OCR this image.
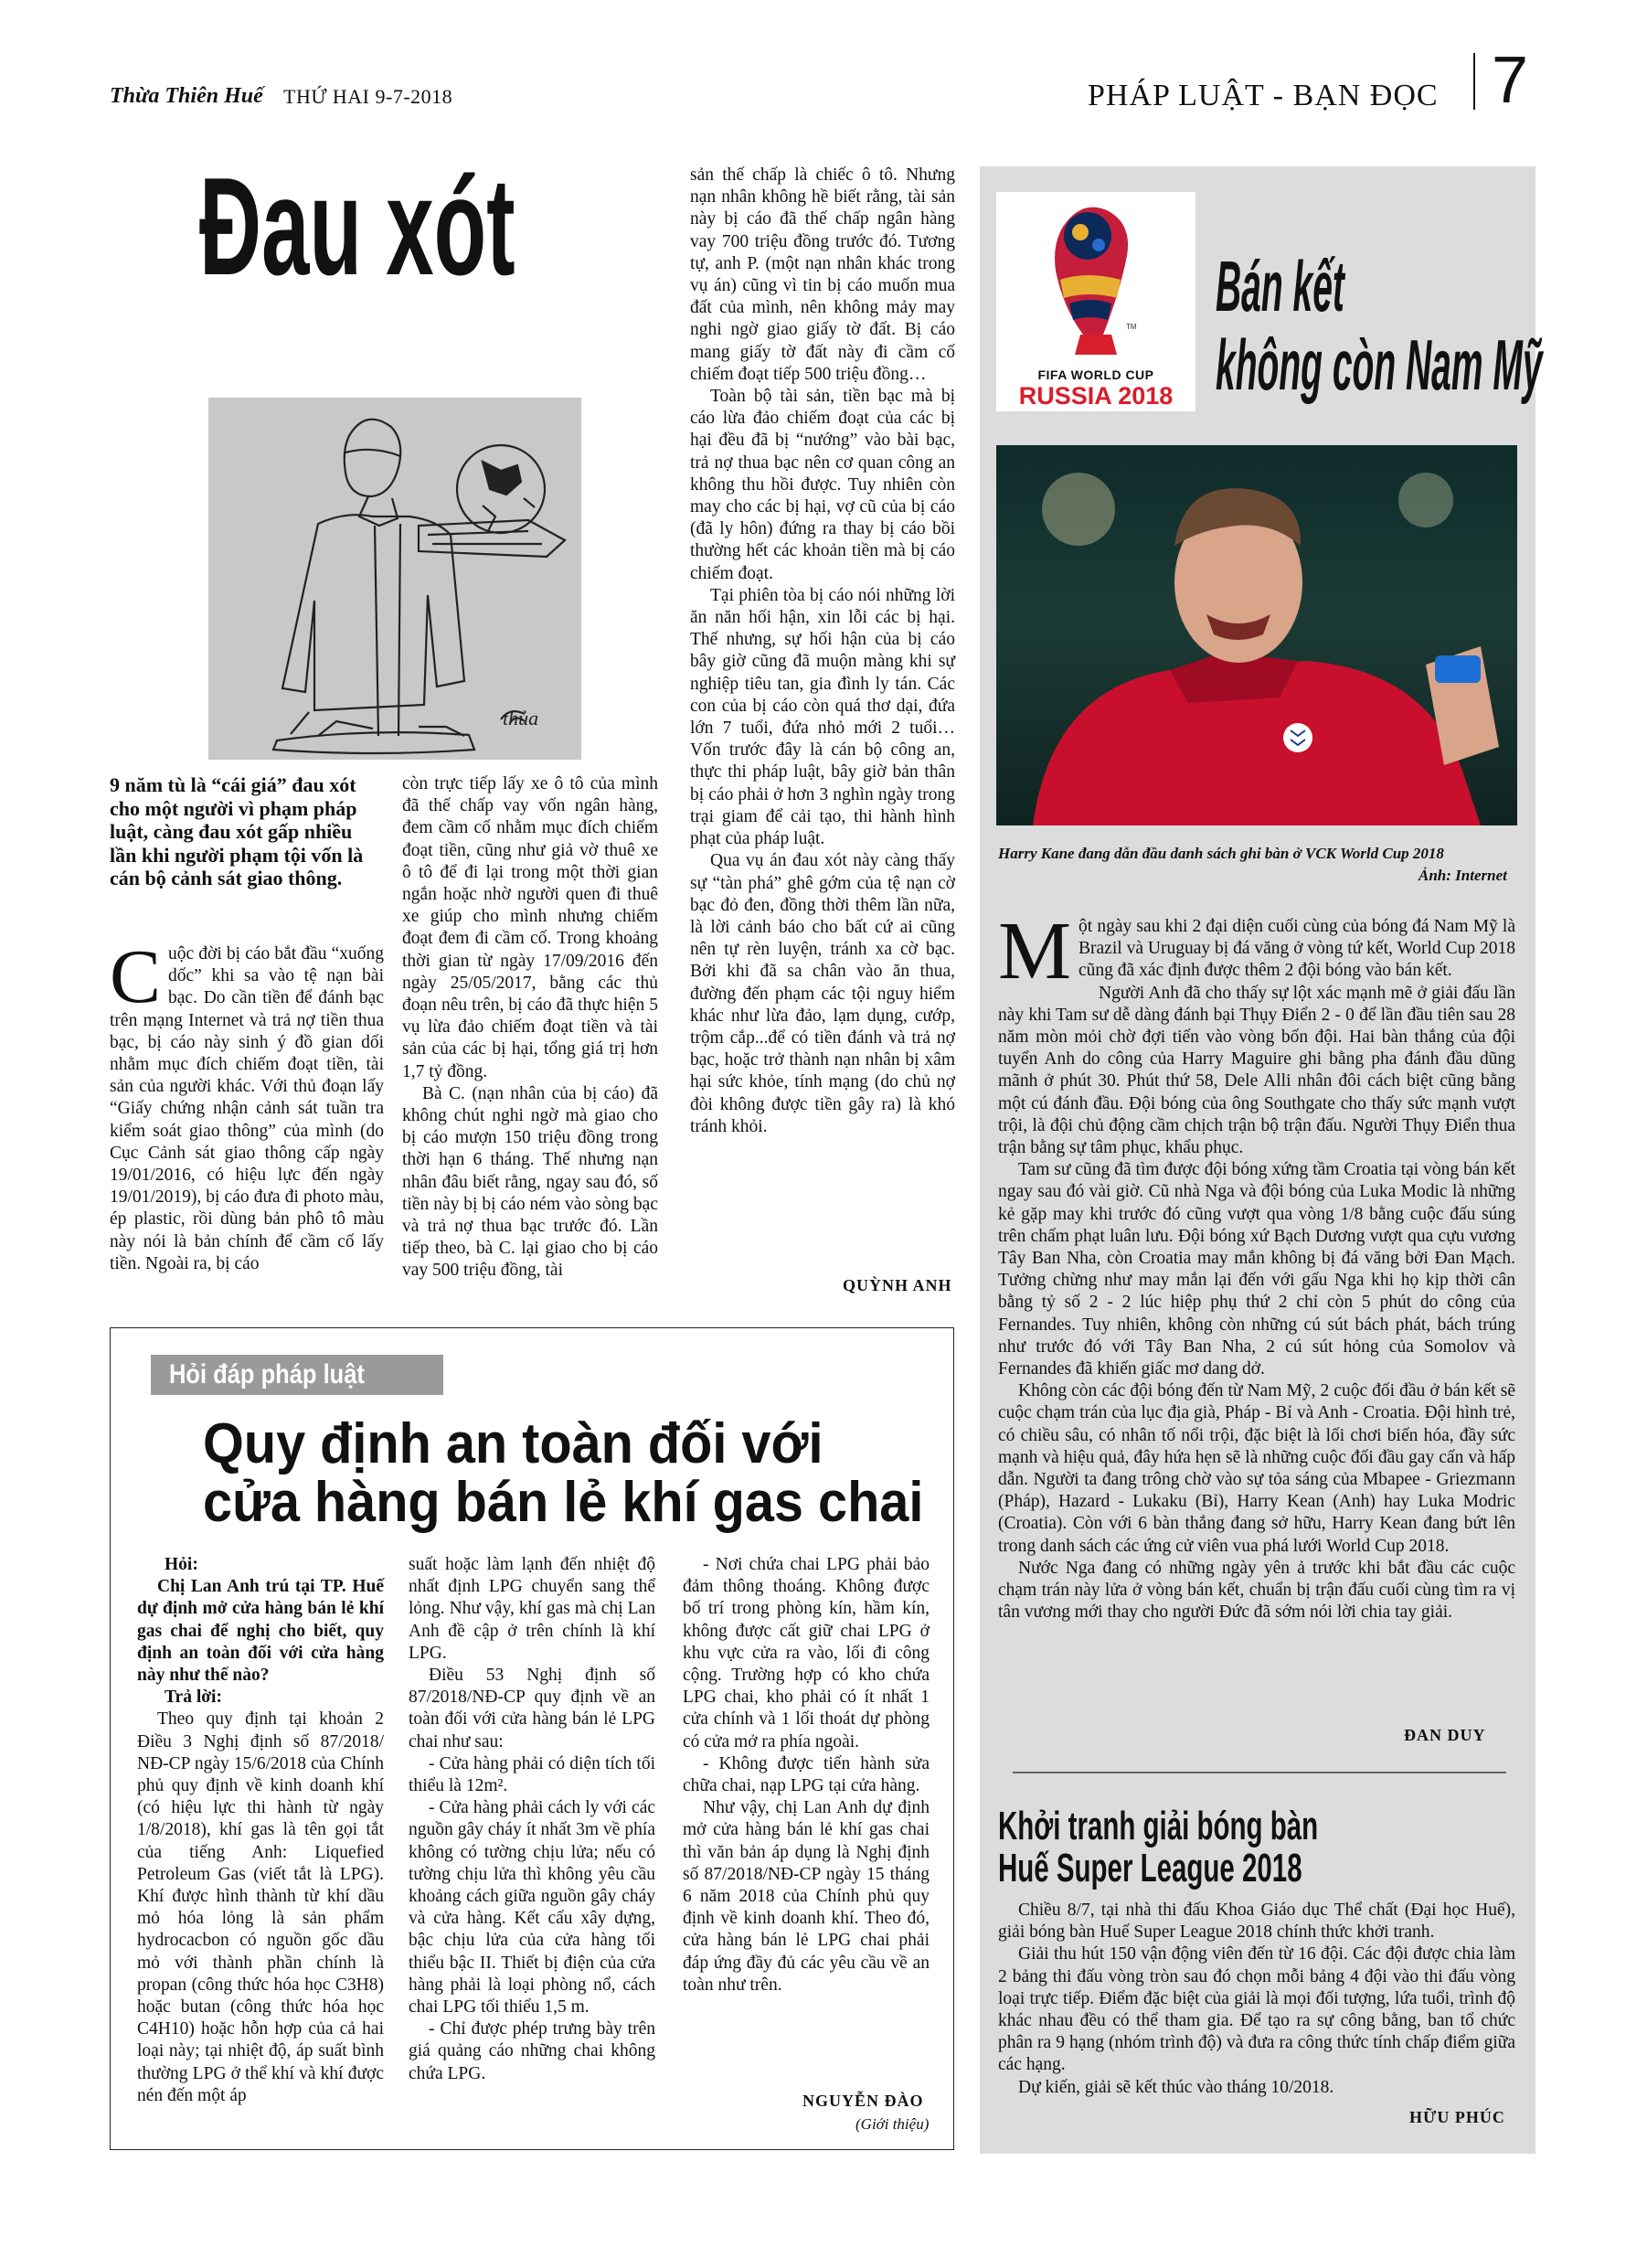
Thừa Thiên Huế THỨ HAI 9-7-2018	PHÁP LUẬT - BẠN ĐỌC 7
Đau xót
thủa
9 năm tù là “cái giá” đau xót cho một người vì phạm pháp luật, càng đau xót gấp nhiều lần khi người phạm tội vốn là cán bộ cảnh sát giao thông.
C uộc đời bị cáo bắt đầu “xuống dốc” khi sa vào tệ nạn bài bạc. Do cần tiền để đánh bạc trên mạng Internet và trả nợ tiền thua bạc, bị cáo này sinh ý đồ gian dối nhằm mục đích chiếm đoạt tiền, tài sản của người khác. Với thủ đoạn lấy “Giấy chứng nhận cảnh sát tuần tra kiểm soát giao thông” của mình (do Cục Cảnh sát giao thông cấp ngày 19/01/2016, có hiệu lực đến ngày 19/01/2019), bị cáo đưa đi photo màu, ép plastic, rồi dùng bản phô tô màu này nói là bản chính để cầm cố lấy tiền. Ngoài ra, bị cáo

còn trực tiếp lấy xe ô tô của mình đã thế chấp vay vốn ngân hàng, đem cầm cố nhằm mục đích chiếm đoạt tiền, cũng như giả vờ thuê xe ô tô để đi lại trong một thời gian ngắn hoặc nhờ người quen đi thuê xe giúp cho mình nhưng chiếm đoạt đem đi cầm cố. Trong khoảng thời gian từ ngày 17/09/2016 đến ngày 25/05/2017, bằng các thủ đoạn nêu trên, bị cáo đã thực hiện 5 vụ lừa đảo chiếm đoạt tiền và tài sản của các bị hại, tổng giá trị hơn 1,7 tỷ đồng.

Bà C. (nạn nhân của bị cáo) đã không chút nghi ngờ mà giao cho bị cáo mượn 150 triệu đồng trong thời hạn 6 tháng. Thế nhưng nạn nhân đâu biết rằng, ngay sau đó, số tiền này bị bị cáo ném vào sòng bạc và trả nợ thua bạc trước đó. Lần tiếp theo, bà C. lại giao cho bị cáo vay 500 triệu đồng, tài

sản thế chấp là chiếc ô tô. Nhưng nạn nhân không hề biết rằng, tài sản này bị cáo đã thế chấp ngân hàng vay 700 triệu đồng trước đó. Tương tự, anh P. (một nạn nhân khác trong vụ án) cũng vì tin bị cáo muốn mua đất của mình, nên không mảy may nghi ngờ giao giấy tờ đất. Bị cáo mang giấy tờ đất này đi cầm cố chiếm đoạt tiếp 500 triệu đồng…

Toàn bộ tài sản, tiền bạc mà bị cáo lừa đảo chiếm đoạt của các bị hại đều đã bị “nướng” vào bài bạc, trả nợ thua bạc nên cơ quan công an không thu hồi được. Tuy nhiên còn may cho các bị hại, vợ cũ của bị cáo (đã ly hôn) đứng ra thay bị cáo bồi thường hết các khoản tiền mà bị cáo chiếm đoạt.

Tại phiên tòa bị cáo nói những lời ăn năn hối hận, xin lỗi các bị hại. Thế nhưng, sự hối hận của bị cáo bây giờ cũng đã muộn màng khi sự nghiệp tiêu tan, gia đình ly tán. Các con của bị cáo còn quá thơ dại, đứa lớn 7 tuổi, đứa nhỏ mới 2 tuổi… Vốn trước đây là cán bộ công an, thực thi pháp luật, bây giờ bản thân bị cáo phải ở hơn 3 nghìn ngày trong trại giam để cải tạo, thi hành hình phạt của pháp luật.

Qua vụ án đau xót này càng thấy sự “tàn phá” ghê gớm của tệ nạn cờ bạc đỏ đen, đồng thời thêm lần nữa, là lời cảnh báo cho bất cứ ai cũng nên tự rèn luyện, tránh xa cờ bạc. Bởi khi đã sa chân vào ăn thua, đường đến phạm các tội nguy hiểm khác như lừa đảo, lạm dụng, cướp, trộm cắp...để có tiền đánh và trả nợ bạc, hoặc trở thành nạn nhân bị xâm hại sức khỏe, tính mạng (do chủ nợ đòi không được tiền gây ra) là khó tránh khỏi.

QUỲNH ANH
Hỏi đáp pháp luật
Quy định an toàn đối với
cửa hàng bán lẻ khí gas chai

Hỏi:

Chị Lan Anh trú tại TP. Huế dự định mở cửa hàng bán lẻ khí gas chai để nghị cho biết, quy định an toàn đối với cửa hàng này như thế nào?

Trả lời:

Theo quy định tại khoản 2 Điều 3 Nghị định số 87/2018/ NĐ-CP ngày 15/6/2018 của Chính phủ quy định về kinh doanh khí (có hiệu lực thi hành từ ngày 1/8/2018), khí gas là tên gọi tắt của tiếng Anh: Liquefied Petroleum Gas (viết tắt là LPG). Khí được hình thành từ khí dầu mỏ hóa lỏng là sản phẩm hydrocacbon có nguồn gốc dầu mỏ với thành phần chính là propan (công thức hóa học C3H8) hoặc butan (công thức hóa học C4H10) hoặc hỗn hợp của cả hai loại này; tại nhiệt độ, áp suất bình thường LPG ở thể khí và khí được nén đến một áp

suất hoặc làm lạnh đến nhiệt độ nhất định LPG chuyển sang thể lỏng. Như vậy, khí gas mà chị Lan Anh đề cập ở trên chính là khí LPG.

Điều 53 Nghị định số 87/2018/NĐ-CP quy định về an toàn đối với cửa hàng bán lẻ LPG chai như sau:

- Cửa hàng phải có diện tích tối thiểu là 12m².

- Cửa hàng phải cách ly với các nguồn gây cháy ít nhất 3m về phía không có tường chịu lửa; nếu có tường chịu lửa thì không yêu cầu khoảng cách giữa nguồn gây cháy và cửa hàng. Kết cấu xây dựng, bậc chịu lửa của cửa hàng tối thiểu bậc II. Thiết bị điện của cửa hàng phải là loại phòng nổ, cách chai LPG tối thiểu 1,5 m.

- Chỉ được phép trưng bày trên giá quảng cáo những chai không chứa LPG.

- Nơi chứa chai LPG phải bảo đảm thông thoáng. Không được bố trí trong phòng kín, hầm kín, không được cất giữ chai LPG ở khu vực cửa ra vào, lối đi công cộng. Trường hợp có kho chứa LPG chai, kho phải có ít nhất 1 cửa chính và 1 lối thoát dự phòng có cửa mở ra phía ngoài.

- Không được tiến hành sửa chữa chai, nạp LPG tại cửa hàng.

Như vậy, chị Lan Anh dự định mở cửa hàng bán lẻ khí gas chai thì văn bản áp dụng là Nghị định số 87/2018/NĐ-CP ngày 15 tháng 6 năm 2018 của Chính phủ quy định về kinh doanh khí. Theo đó, cửa hàng bán lẻ LPG chai phải đáp ứng đầy đủ các yêu cầu về an toàn như trên.

NGUYỄN ĐÀO
(Giới thiệu)
TM
FIFA WORLD CUP
RUSSIA 2018
Bán kết
không còn Nam Mỹ
Harry Kane đang dẫn đầu danh sách ghi bàn ở VCK World Cup 2018
Ảnh: Internet
M ột ngày sau khi 2 đại diện cuối cùng của bóng đá Nam Mỹ là Brazil và Uruguay bị đá văng ở vòng tứ kết, World Cup 2018 cũng đã xác định được thêm 2 đội bóng vào bán kết.

Người Anh đã cho thấy sự lột xác mạnh mẽ ở giải đấu lần này khi Tam sư dễ dàng đánh bại Thụy Điển 2 - 0 để lần đầu tiên sau 28 năm mòn mỏi chờ đợi tiến vào vòng bốn đội. Hai bàn thắng của đội tuyển Anh do công của Harry Maguire ghi bằng pha đánh đầu dũng mãnh ở phút 30. Phút thứ 58, Dele Alli nhân đôi cách biệt cũng bằng một cú đánh đầu. Đội bóng của ông Southgate cho thấy sức mạnh vượt trội, là đội chủ động cầm chịch trận bộ trận đấu. Người Thụy Điển thua trận bằng sự tâm phục, khẩu phục.

Tam sư cũng đã tìm được đội bóng xứng tầm Croatia tại vòng bán kết ngay sau đó vài giờ. Cũ nhà Nga và đội bóng của Luka Modic là những kẻ gặp may khi trước đó cũng vượt qua vòng 1/8 bằng cuộc đấu súng trên chấm phạt luân lưu. Đội bóng xứ Bạch Dương vượt qua cựu vương Tây Ban Nha, còn Croatia may mắn không bị đá văng bởi Đan Mạch. Tưởng chừng như may mắn lại đến với gấu Nga khi họ kịp thời cân bằng tỷ số 2 - 2 lúc hiệp phụ thứ 2 chỉ còn 5 phút do công của Fernandes. Tuy nhiên, không còn những cú sút bách phát, bách trúng như trước đó với Tây Ban Nha, 2 cú sút hỏng của Somolov và Fernandes đã khiến giấc mơ dang dở.

Không còn các đội bóng đến từ Nam Mỹ, 2 cuộc đối đầu ở bán kết sẽ cuộc chạm trán của lục địa già, Pháp - Bỉ và Anh - Croatia. Đội hình trẻ, có chiều sâu, có nhân tố nổi trội, đặc biệt là lối chơi biến hóa, đầy sức mạnh và hiệu quả, đây hứa hẹn sẽ là những cuộc đối đầu gay cấn và hấp dẫn. Người ta đang trông chờ vào sự tỏa sáng của Mbapee - Griezmann (Pháp), Hazard - Lukaku (Bỉ), Harry Kean (Anh) hay Luka Modric (Croatia). Còn với 6 bàn thắng đang sở hữu, Harry Kean đang bứt lên trong danh sách các ứng cử viên vua phá lưới World Cup 2018.

Nước Nga đang có những ngày yên ả trước khi bắt đầu các cuộc chạm trán này lửa ở vòng bán kết, chuẩn bị trận đấu cuối cùng tìm ra vị tân vương mới thay cho người Đức đã sớm nói lời chia tay giải.

ĐAN DUY
Khởi tranh giải bóng bàn
Huế Super League 2018

Chiều 8/7, tại nhà thi đấu Khoa Giáo dục Thể chất (Đại học Huế), giải bóng bàn Huế Super League 2018 chính thức khởi tranh.

Giải thu hút 150 vận động viên đến từ 16 đội. Các đội được chia làm 2 bảng thi đấu vòng tròn sau đó chọn mỗi bảng 4 đội vào thi đấu vòng loại trực tiếp. Điểm đặc biệt của giải là mọi đối tượng, lứa tuổi, trình độ khác nhau đều có thể tham gia. Để tạo ra sự công bằng, ban tổ chức phân ra 9 hạng (nhóm trình độ) và đưa ra công thức tính chấp điểm giữa các hạng.

Dự kiến, giải sẽ kết thúc vào tháng 10/2018.

HỮU PHÚC
